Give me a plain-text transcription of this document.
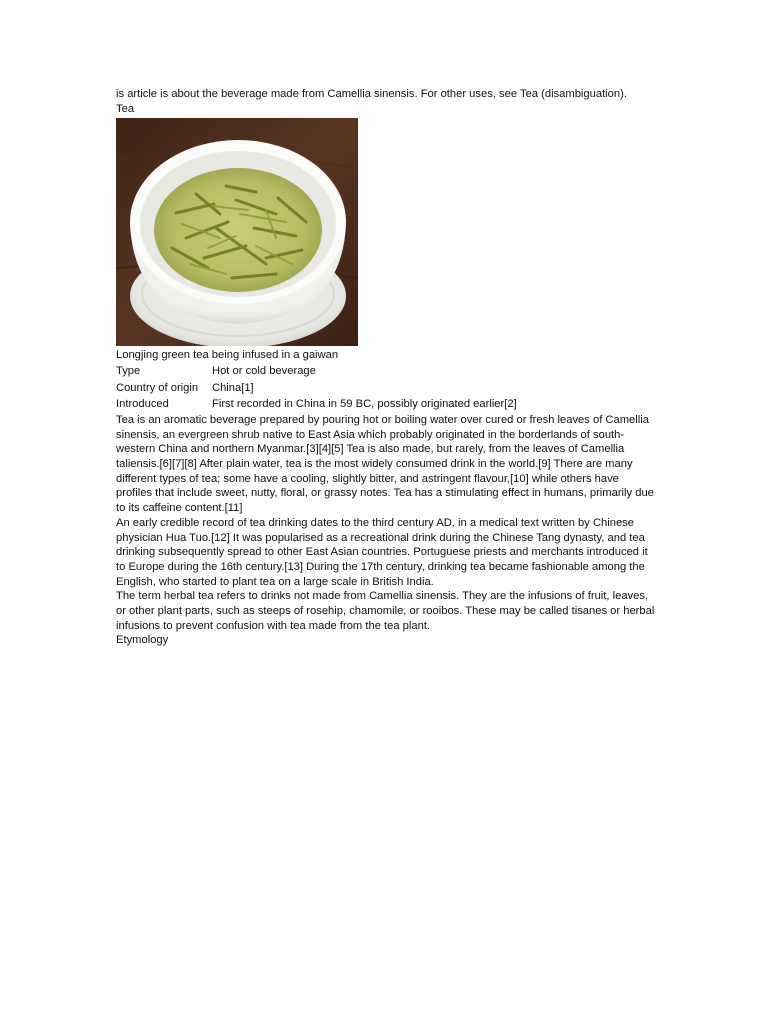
is article is about the beverage made from Camellia sinensis. For other uses, see Tea (disambiguation).
Tea
Longjing green tea being infused in a gaiwan
Type	Hot or cold beverage
Country of origin	China[1]
Introduced	First recorded in China in 59 BC, possibly originated earlier[2]

Tea is an aromatic beverage prepared by pouring hot or boiling water over cured or fresh leaves of Camellia sinensis, an evergreen shrub native to East Asia which probably originated in the borderlands of south-western China and northern Myanmar.[3][4][5] Tea is also made, but rarely, from the leaves of Camellia taliensis.[6][7][8] After plain water, tea is the most widely consumed drink in the world.[9] There are many different types of tea; some have a cooling, slightly bitter, and astringent flavour,[10] while others have profiles that include sweet, nutty, floral, or grassy notes. Tea has a stimulating effect in humans, primarily due to its caffeine content.[11]

An early credible record of tea drinking dates to the third century AD, in a medical text written by Chinese physician Hua Tuo.[12] It was popularised as a recreational drink during the Chinese Tang dynasty, and tea drinking subsequently spread to other East Asian countries. Portuguese priests and merchants introduced it to Europe during the 16th century.[13] During the 17th century, drinking tea became fashionable among the English, who started to plant tea on a large scale in British India.

The term herbal tea refers to drinks not made from Camellia sinensis. They are the infusions of fruit, leaves, or other plant parts, such as steeps of rosehip, chamomile, or rooibos. These may be called tisanes or herbal infusions to prevent confusion with tea made from the tea plant.

Etymology
